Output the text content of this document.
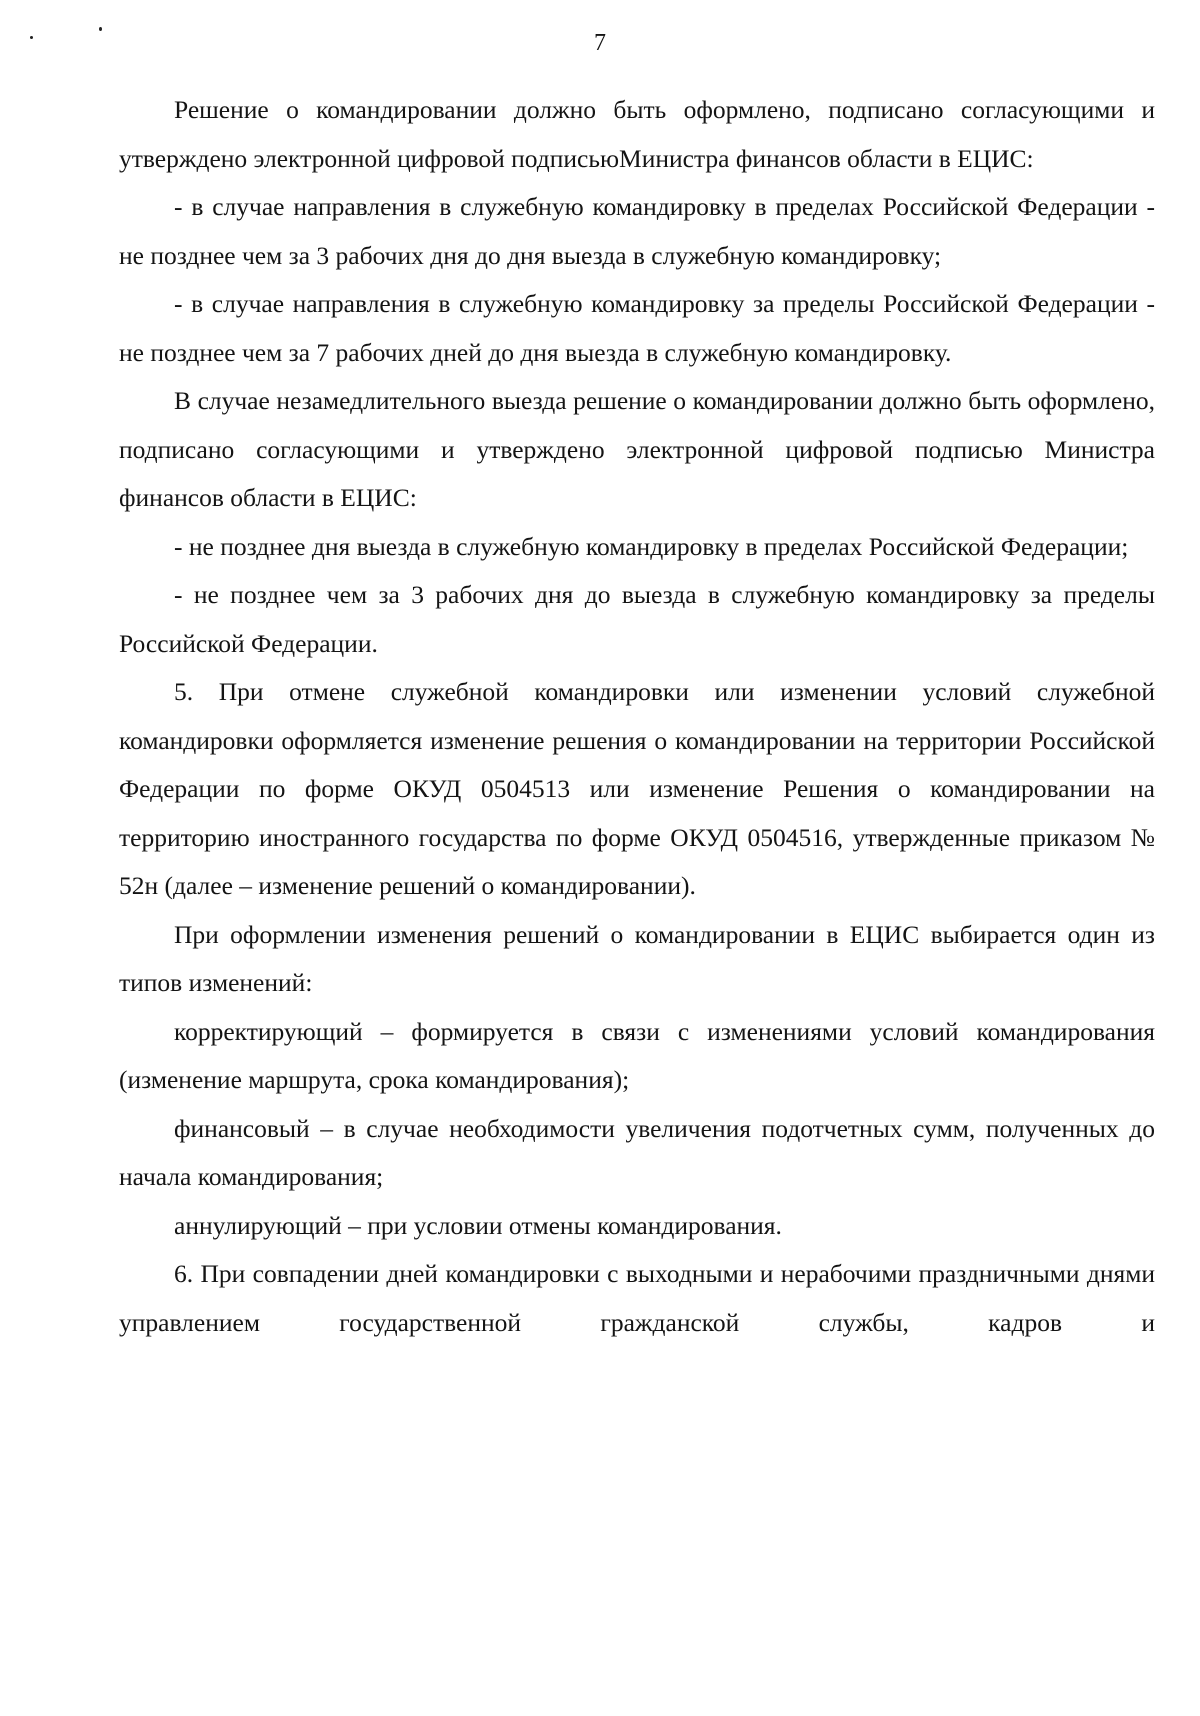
7

Решение о командировании должно быть оформлено, подписано согласующими и утверждено электронной цифровой подписьюМинистра финансов области в ЕЦИС:

- в случае направления в служебную командировку в пределах Российской Федерации - не позднее чем за 3 рабочих дня до дня выезда в служебную командировку;

- в случае направления в служебную командировку за пределы Российской Федерации - не позднее чем за 7 рабочих дней до дня выезда в служебную командировку.

В случае незамедлительного выезда решение о командировании должно быть оформлено, подписано согласующими и утверждено электронной цифровой подписью Министра финансов области в ЕЦИС:

- не позднее дня выезда в служебную командировку в пределах Российской Федерации;

- не позднее чем за 3 рабочих дня до выезда в служебную командировку за пределы Российской Федерации.

5. При отмене служебной командировки или изменении условий служебной командировки оформляется изменение решения о командировании на территории Российской Федерации по форме ОКУД 0504513 или изменение Решения о командировании на территорию иностранного государства по форме ОКУД 0504516, утвержденные приказом № 52н (далее – изменение решений о командировании).

При оформлении изменения решений о командировании в ЕЦИС выбирается один из типов изменений:

корректирующий – формируется в связи с изменениями условий командирования (изменение маршрута, срока командирования);

финансовый – в случае необходимости увеличения подотчетных сумм, полученных до начала командирования;

аннулирующий – при условии отмены командирования.

6. При совпадении дней командировки с выходными и нерабочими праздничными днями управлением государственной гражданской службы, кадров и
